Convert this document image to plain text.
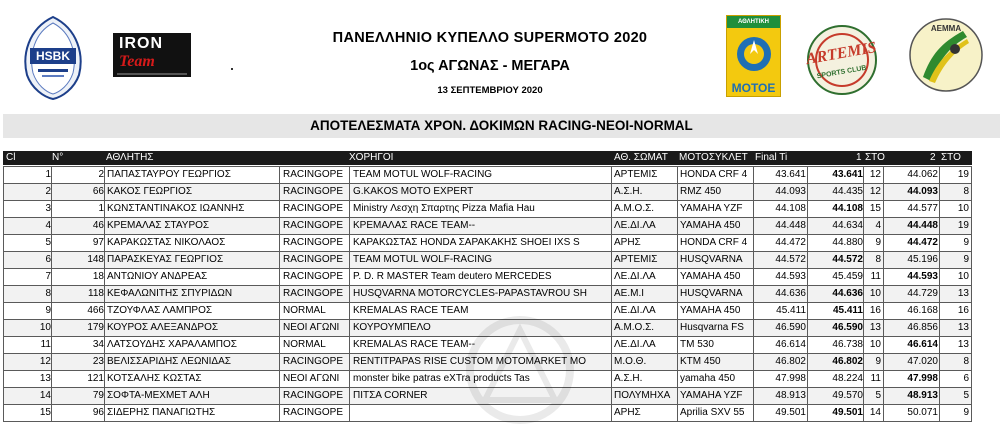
HSBK
IRON
Team
ΠΑΝΕΛΛΗΝΙΟ ΚΥΠΕΛΛΟ SUPERMOTO 2020
1ος ΑΓΩΝΑΣ - ΜΕΓΑΡΑ
13 ΣΕΠΤΕΜΒΡΙΟΥ 2020
ΑΘΛΗΤΙΚΗ
ΜΟΤΟΕ
ARTEMIS
SPORTS CLUB
ΑΕΜΜΑ
ΑΠΟΤΕΛΕΣΜΑΤΑ ΧΡΟΝ. ΔΟΚΙΜΩΝ RACING-ΝΕΟΙ-NORMAL
Cl	N°	ΑΘΛΗΤΗΣ	ΧΟΡΗΓΟΙ	ΑΘ. ΣΩΜΑΤ ΜΟΤΟΣΥΚΛΕΤ Final Ti	1 ΣΤΟ	2 ΣΤΟ
1	2 ΠΑΠΑΣΤΑΥΡΟΥ ΓΕΩΡΓΙΟΣ	RACINGOPE TEAM MOTUL WOLF-RACING	ΑΡΤΕΜΙΣ	HONDA CRF 4	43.641	43.641 12	44.062	19
2	66 ΚΑΚΟΣ ΓΕΩΡΓΙΟΣ	RACINGOPE G.KAKOS MOTO EXPERT	Α.Σ.Η.	RMZ 450	44.093	44.435 12	44.093	8
3	1 ΚΩΝΣΤΑΝΤΙΝΑΚΟΣ ΙΩΑΝΝΗΣ	RACINGOPE Ministry Λεσχη Σπαρτης Pizza Mafia Hau	Α.Μ.Ο.Σ.	YAMAHA YZF	44.108	44.108 15	44.577	10
4	46 ΚΡΕΜΑΛΑΣ ΣΤΑΥΡΟΣ	RACINGOPE ΚΡΕΜΑΛΑΣ RACE TEAM--	ΛΕ.ΔΙ.ΛΑ	YAMAHA 450	44.448	44.634	4	44.448	19
5	97 ΚΑΡΑΚΩΣΤΑΣ ΝΙΚΟΛΑΟΣ	RACINGOPE ΚΑΡΑΚΩΣΤΑΣ HONDA ΣΑΡΑΚΑΚΗΣ SHOEI IXS S	ΑΡΗΣ	HONDA CRF 4	44.472	44.880	9	44.472	9
6	148 ΠΑΡΑΣΚΕΥΑΣ ΓΕΩΡΓΙΟΣ	RACINGOPE TEAM MOTUL WOLF-RACING	ΑΡΤΕΜΙΣ	HUSQVARNA	44.572	44.572	8	45.196	9
7	18 ΑΝΤΩΝΙΟΥ ΑΝΔΡΕΑΣ	RACINGOPE P. D. R MASTER Team deutero MERCEDES	ΛΕ.ΔΙ.ΛΑ	YAMAHA 450	44.593	45.459 11	44.593	10
8	118 ΚΕΦΑΛΩΝΙΤΗΣ ΣΠΥΡΙΔΩΝ	RACINGOPE HUSQVARNA MOTORCYCLES-PAPASTAVROU SH	ΑΕ.Μ.Ι	HUSQVARNA	44.636	44.636 10	44.729	13
9	466 ΤΖΟΥΦΛΑΣ ΛΑΜΠΡΟΣ	NORMAL	KREMALAS RACE TEAM	ΛΕ.ΔΙ.ΛΑ	YAMAHA 450	45.411	45.411 16	46.168	16
10	179 ΚΟΥΡΟΣ ΑΛΕΞΑΝΔΡΟΣ	ΝΕΟΙ ΑΓΩΝΙ	ΚΟΥΡΟΥΜΠΕΛΟ	Α.Μ.Ο.Σ.	Husqvarna FS	46.590	46.590 13	46.856	13
11	34 ΛΑΤΣΟΥΔΗΣ ΧΑΡΑΛΑΜΠΟΣ	NORMAL	KREMALAS RACE TEAM--	ΛΕ.ΔΙ.ΛΑ	TM 530	46.614	46.738 10	46.614	13
12	23 ΒΕΛΙΣΣΑΡΙΔΗΣ ΛΕΩΝΙΔΑΣ	RACINGOPE RENTITPAPAS RISE CUSTOM MOTOMARKET MO	Μ.Ο.Θ.	KTM 450	46.802	46.802	9	47.020	8
13	121 ΚΟΤΣΑΛΗΣ ΚΩΣΤΑΣ	ΝΕΟΙ ΑΓΩΝΙ	monster bike patras eXTra products Tas	Α.Σ.Η.	yamaha 450	47.998	48.224 11	47.998	6
14	79 ΣΟΦΤΑ-ΜΕΧΜΕΤ ΑΛΗ	RACINGOPE ΠΙΤΣΑ CORNER	ΠΟΛΥΜΗΧΑ YAMAHA YZF	48.913	49.570	5	48.913	5
15	96 ΣΙΔΕΡΗΣ ΠΑΝΑΓΙΩΤΗΣ	RACINGOPE	ΑΡΗΣ	Aprilia SXV 55	49.501	49.501 14	50.071	9
